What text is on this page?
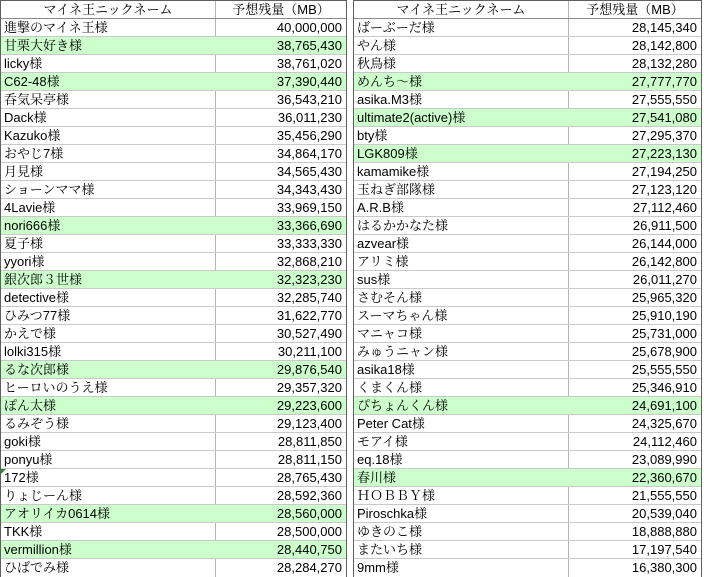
マイネ王ニックネーム	予想残量（MB）
進撃のマイネ王様	40,000,000
甘栗大好き様	38,765,430
licky様	38,761,020
C62-48様	37,390,440
呑気呆亭様	36,543,210
Dack様	36,011,230
Kazuko様	35,456,290
おやじ7様	34,864,170
月見様	34,565,430
ショーンママ様	34,343,430
4Lavie様	33,969,150
nori666様	33,366,690
夏子様	33,333,330
yyori様	32,868,210
銀次郎３世様	32,323,230
detective様	32,285,740
ひみつ77様	31,622,770
かえで様	30,527,490
lolki315様	30,211,100
るな次郎様	29,876,540
ヒーロいのうえ様	29,357,320
ぽん太様	29,223,600
るみぞう様	29,123,400
goki様	28,811,850
ponyu様	28,811,150
172様	28,765,430
りょじーん様	28,592,360
アオリイカ0614様	28,560,000
TKK様	28,500,000
vermillion様	28,440,750
ひばでみ様	28,284,270
マイネ王ニックネーム	予想残量（MB）
ばーぶーだ様	28,145,340
やん様	28,142,800
秋鳥様	28,132,280
めんち～様	27,777,770
asika.M3様	27,555,550
ultimate2(active)様	27,541,080
bty様	27,295,370
LGK809様	27,223,130
kamamike様	27,194,250
玉ねぎ部隊様	27,123,120
A.R.B様	27,112,460
はるかかなた様	26,911,500
azvear様	26,144,000
アリミ様	26,142,800
sus様	26,011,270
さむそん様	25,965,320
スーマちゃん様	25,910,190
マニャコ様	25,731,000
みゅうニャン様	25,678,900
asika18様	25,555,550
くまくん様	25,346,910
ぴちょんくん様	24,691,100
Peter Cat様	24,325,670
モアイ様	24,112,460
eq.18様	23,089,990
春川様	22,360,670
ＨＯＢＢＹ様	21,555,550
Piroschka様	20,539,040
ゆきのこ様	18,888,880
またいち様	17,197,540
9mm様	16,380,300
